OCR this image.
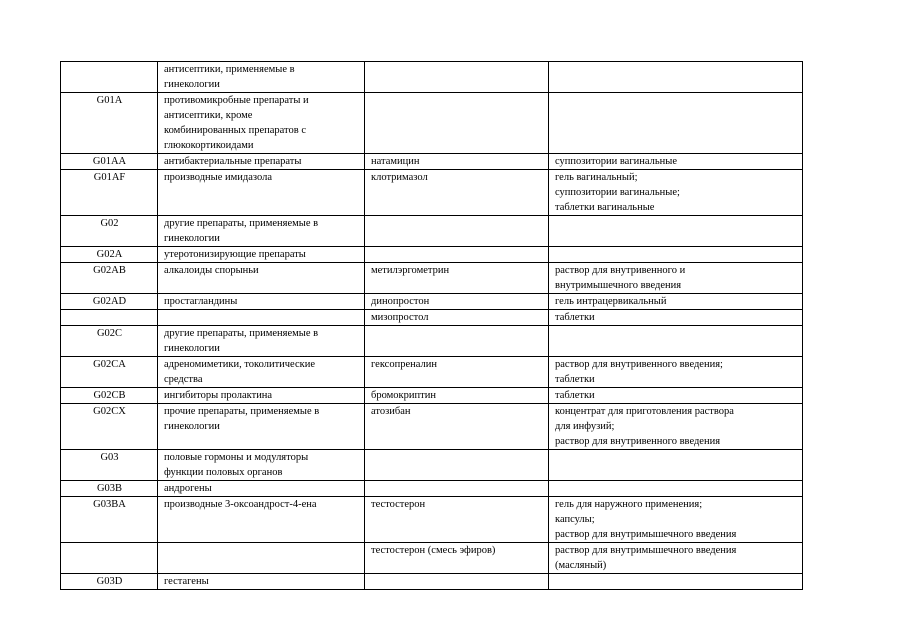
	антисептики, применяемые в
гинекологии		

G01A	противомикробные препараты и
антисептики, кроме
комбинированных препаратов с
глюкокортикоидами		

G01AA	антибактериальные препараты	натамицин	суппозитории вагинальные

G01AF	производные имидазола	клотримазол	гель вагинальный;
суппозитории вагинальные;
таблетки вагинальные

G02	другие препараты, применяемые в
гинекологии		

G02A	утеротонизирующие препараты		

G02AB	алкалоиды спорыньи	метилэргометрин	раствор для внутривенного и
внутримышечного введения

G02AD	простагландины	динопростон	гель интрацервикальный

		мизопростол	таблетки

G02C	другие препараты, применяемые в
гинекологии		

G02CA	адреномиметики, токолитические
средства	гексопреналин	раствор для внутривенного введения;
таблетки

G02CB	ингибиторы пролактина	бромокриптин	таблетки

G02CX	прочие препараты, применяемые в
гинекологии	атозибан	концентрат для приготовления раствора
для инфузий;
раствор для внутривенного введения

G03	половые гормоны и модуляторы
функции половых органов		

G03B	андрогены		

G03BA	производные 3-оксоандрост-4-ена	тестостерон	гель для наружного применения;
капсулы;
раствор для внутримышечного введения

		тестостерон (смесь эфиров)	раствор для внутримышечного введения
(масляный)

G03D	гестагены		
